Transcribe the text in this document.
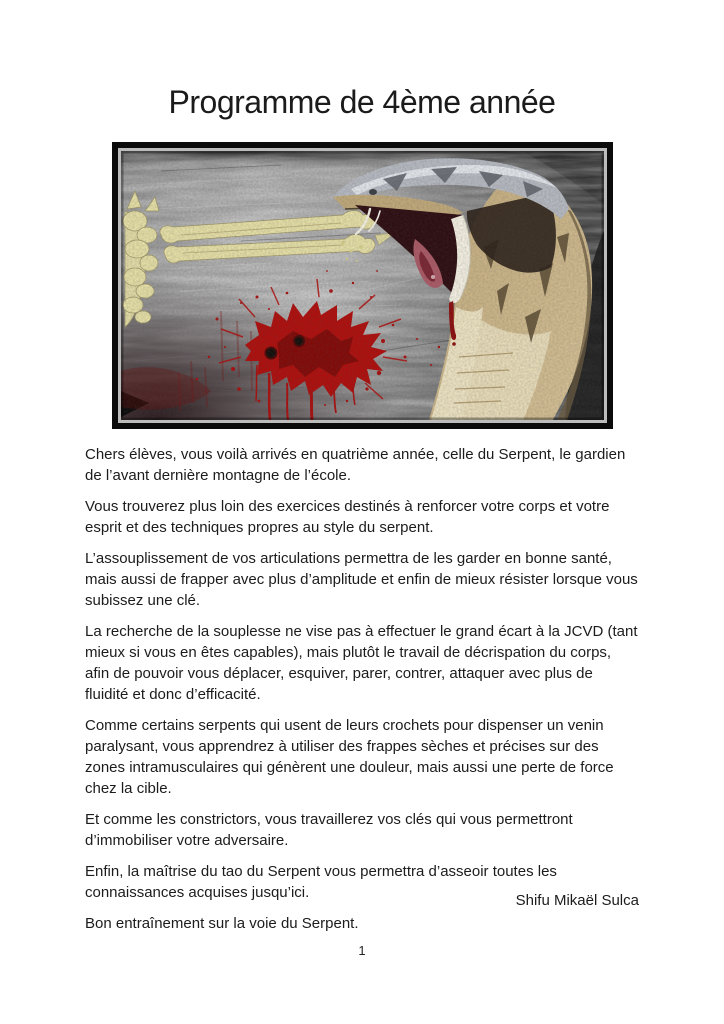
Programme de 4ème année

Chers élèves, vous voilà arrivés en quatrième année, celle du Serpent, le gardien de l’avant dernière montagne de l’école.

Vous trouverez plus loin des exercices destinés à renforcer votre corps et votre esprit et des techniques propres au style du serpent.

L’assouplissement de vos articulations permettra de les garder en bonne santé, mais aussi de frapper avec plus d’amplitude et enfin de mieux résister lorsque vous subissez une clé.

La recherche de la souplesse ne vise pas à effectuer le grand écart à la JCVD (tant mieux si vous en êtes capables), mais plutôt le travail de décrispation du corps, afin de pouvoir vous déplacer, esquiver, parer, contrer, attaquer avec plus de fluidité et donc d’efficacité.

Comme certains serpents qui usent de leurs crochets pour dispenser un venin paralysant, vous apprendrez à utiliser des frappes sèches et précises sur des zones intramusculaires qui génèrent une douleur, mais aussi une perte de force chez la cible.

Et comme les constrictors, vous travaillerez vos clés qui vous permettront d’immobiliser votre adversaire.

Enfin, la maîtrise du tao du Serpent vous permettra d’asseoir toutes les connaissances acquises jusqu’ici.

Bon entraînement sur la voie du Serpent.

Shifu Mikaël Sulca
1
